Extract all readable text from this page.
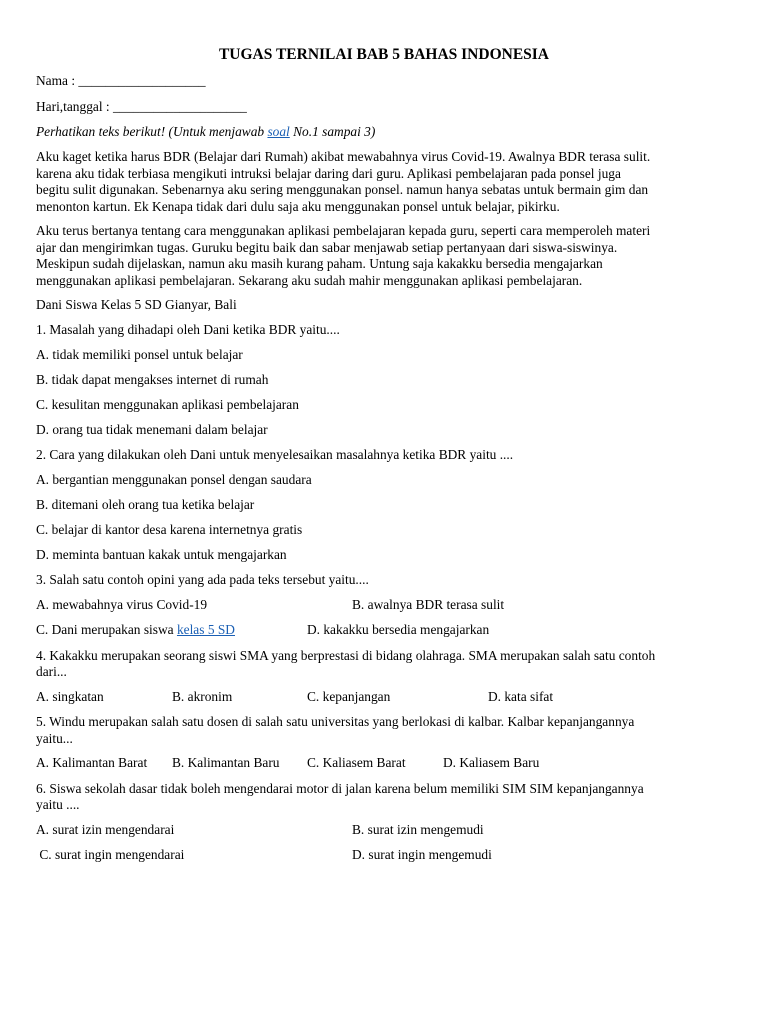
TUGAS TERNILAI BAB 5 BAHAS INDONESIA
Nama : ___________________
Hari,tanggal : ____________________
Perhatikan teks berikut! (Untuk menjawab soal No.1 sampai 3)
Aku kaget ketika harus BDR (Belajar dari Rumah) akibat mewabahnya virus Covid-19. Awalnya BDR terasa sulit.
karena aku tidak terbiasa mengikuti intruksi belajar daring dari guru. Aplikasi pembelajaran pada ponsel juga
begitu sulit digunakan. Sebenarnya aku sering menggunakan ponsel. namun hanya sebatas untuk bermain gim dan
menonton kartun. Ek Kenapa tidak dari dulu saja aku menggunakan ponsel untuk belajar, pikirku.
Aku terus bertanya tentang cara menggunakan aplikasi pembelajaran kepada guru, seperti cara memperoleh materi
ajar dan mengirimkan tugas. Guruku begitu baik dan sabar menjawab setiap pertanyaan dari siswa-siswinya.
Meskipun sudah dijelaskan, namun aku masih kurang paham. Untung saja kakakku bersedia mengajarkan
menggunakan aplikasi pembelajaran. Sekarang aku sudah mahir menggunakan aplikasi pembelajaran.
Dani Siswa Kelas 5 SD Gianyar, Bali
1. Masalah yang dihadapi oleh Dani ketika BDR yaitu....
A. tidak memiliki ponsel untuk belajar
B. tidak dapat mengakses internet di rumah
C. kesulitan menggunakan aplikasi pembelajaran
D. orang tua tidak menemani dalam belajar
2. Cara yang dilakukan oleh Dani untuk menyelesaikan masalahnya ketika BDR yaitu ....
A. bergantian menggunakan ponsel dengan saudara
B. ditemani oleh orang tua ketika belajar
C. belajar di kantor desa karena internetnya gratis
D. meminta bantuan kakak untuk mengajarkan
3. Salah satu contoh opini yang ada pada teks tersebut yaitu....
A. mewabahnya virus Covid-19	B. awalnya BDR terasa sulit
C. Dani merupakan siswa kelas 5 SD	D. kakakku bersedia mengajarkan
4. Kakakku merupakan seorang siswi SMA yang berprestasi di bidang olahraga. SMA merupakan salah satu contoh
dari...
A. singkatan	B. akronim	C. kepanjangan	D. kata sifat
5. Windu merupakan salah satu dosen di salah satu universitas yang berlokasi di kalbar. Kalbar kepanjangannya
yaitu...
A. Kalimantan Barat B. Kalimantan Baru C. Kaliasem Barat	D. Kaliasem Baru
6. Siswa sekolah dasar tidak boleh mengendarai motor di jalan karena belum memiliki SIM SIM kepanjangannya
yaitu ....
A. surat izin mengendarai	B. surat izin mengemudi
C. surat ingin mengendarai	D. surat ingin mengemudi
